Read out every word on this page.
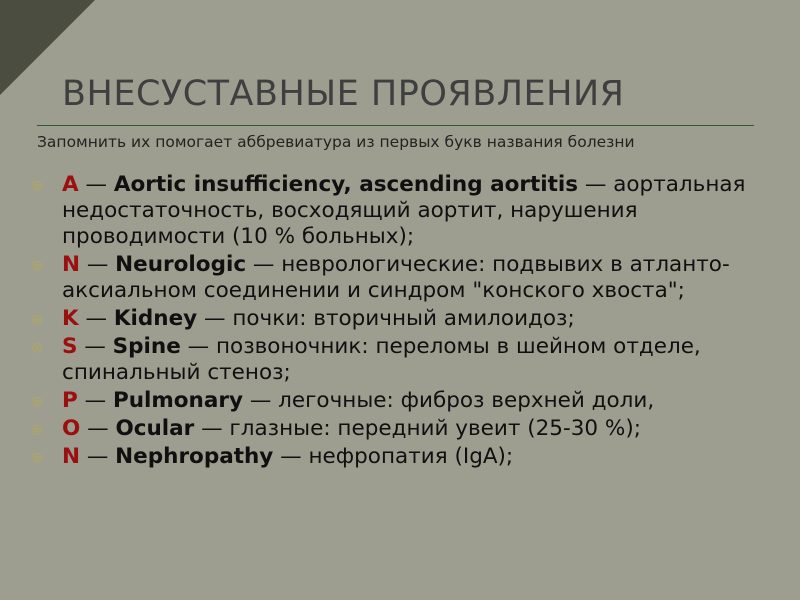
ВНЕСУСТАВНЫЕ ПРОЯВЛЕНИЯ
Запомнить их помогает аббревиатура из первых букв названия болезни
◎ A — Aortic insufficiency, ascending aortitis — аортальная недостаточность, восходящий аортит, нарушения проводимости (10 % больных);
◎ N — Neurologic — неврологические: подвывих в атланто-аксиальном соединении и синдром "конского хвоста";
◎ K — Kidney — почки: вторичный амилоидоз;
◎ S — Spine — позвоночник: переломы в шейном отделе, спинальный стеноз;
◎ P — Pulmonary — легочные: фиброз верхней доли,
◎ O — Ocular — глазные: передний увеит (25-30 %);
◎ N — Nephropathy — нефропатия (IgA);
